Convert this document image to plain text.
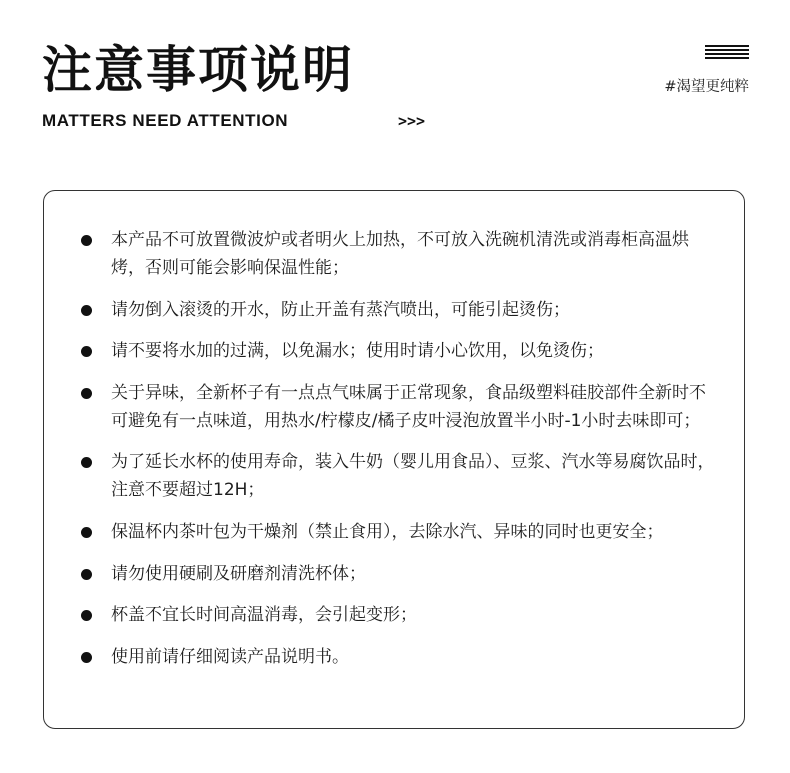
注意事项说明
MATTERS NEED ATTENTION	>>>
#渴望更纯粹
本产品不可放置微波炉或者明火上加热，不可放入洗碗机清洗或消毒柜高温烘烤，否则可能会影响保温性能；
请勿倒入滚烫的开水，防止开盖有蒸汽喷出，可能引起烫伤；
请不要将水加的过满，以免漏水；使用时请小心饮用，以免烫伤；
关于异味，全新杯子有一点点气味属于正常现象，食品级塑料硅胶部件全新时不可避免有一点味道，用热水/柠檬皮/橘子皮叶浸泡放置半小时-1小时去味即可；
为了延长水杯的使用寿命，装入牛奶（婴儿用食品）、豆浆、汽水等易腐饮品时，注意不要超过12H；
保温杯内茶叶包为干燥剂（禁止食用），去除水汽、异味的同时也更安全；
请勿使用硬刷及研磨剂清洗杯体；
杯盖不宜长时间高温消毒，会引起变形；
使用前请仔细阅读产品说明书。
